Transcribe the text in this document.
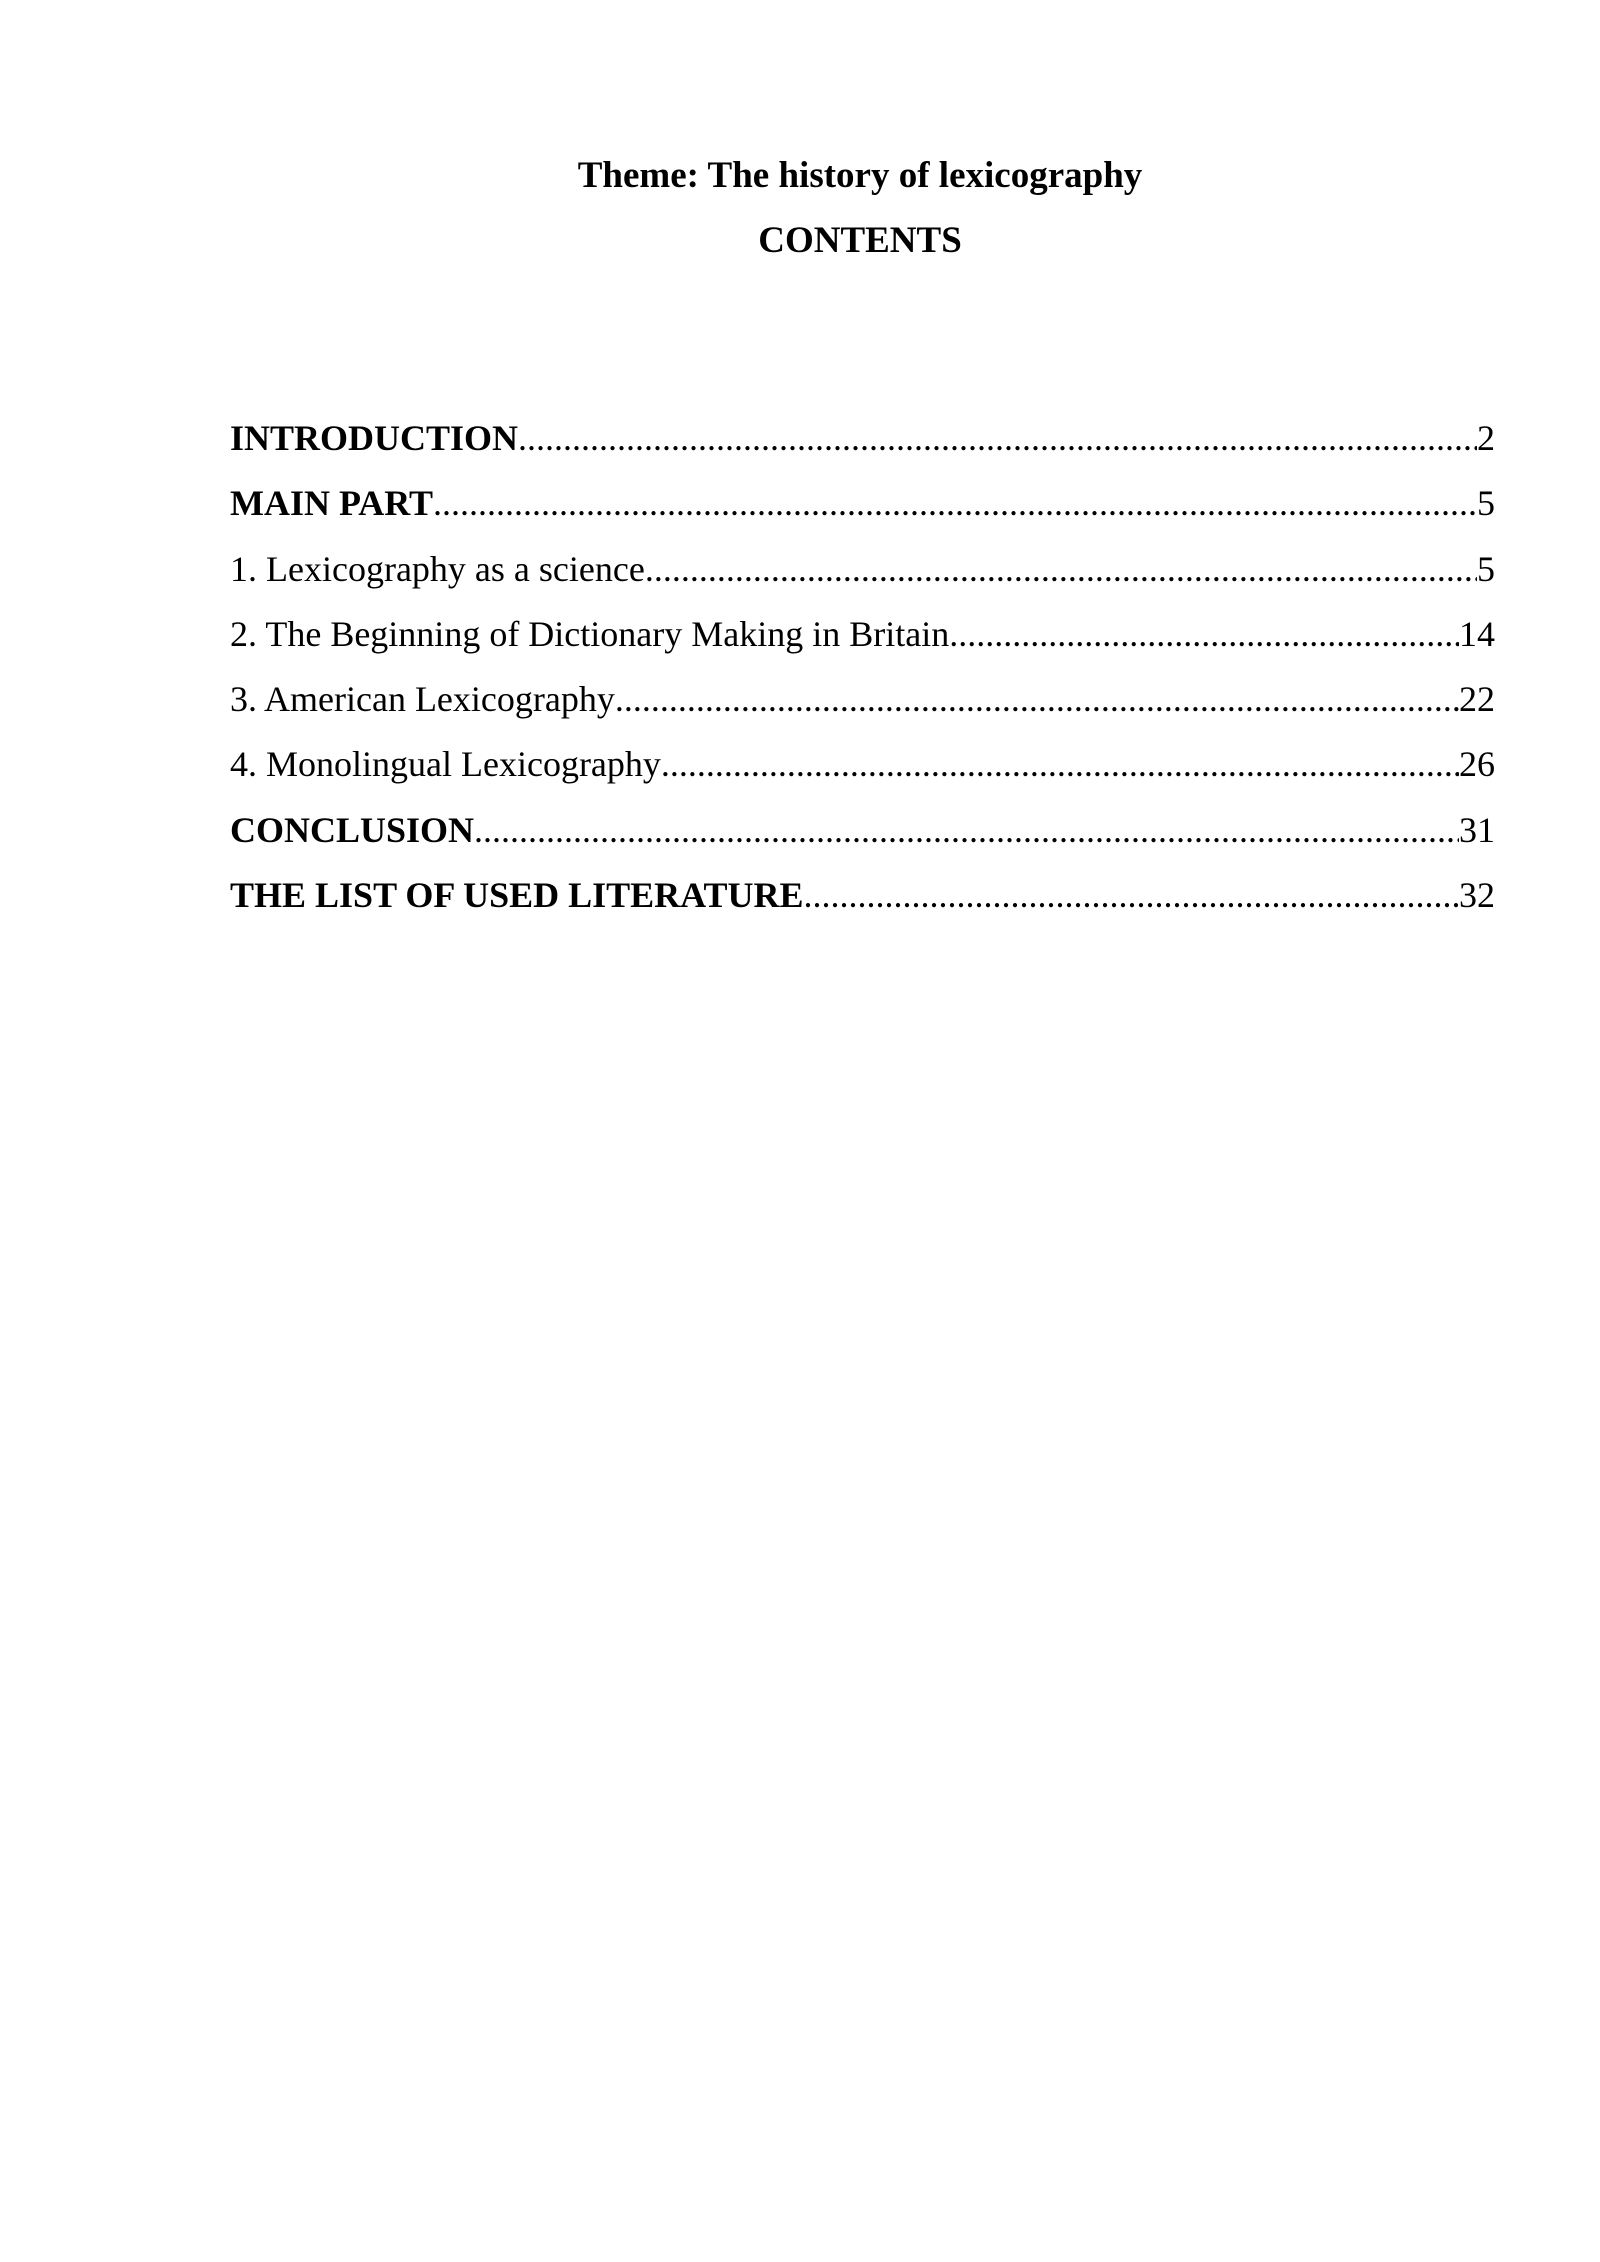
Theme: The history of lexicography
CONTENTS
INTRODUCTION .....	2
MAIN PART .....	5
1. Lexicography as a science .....	5
2. The Beginning of Dictionary Making in Britain .....	14
3. American Lexicography .....	22
4. Monolingual Lexicography .....	26
CONCLUSION .....	31
THE LIST OF USED LITERATURE .....	32
